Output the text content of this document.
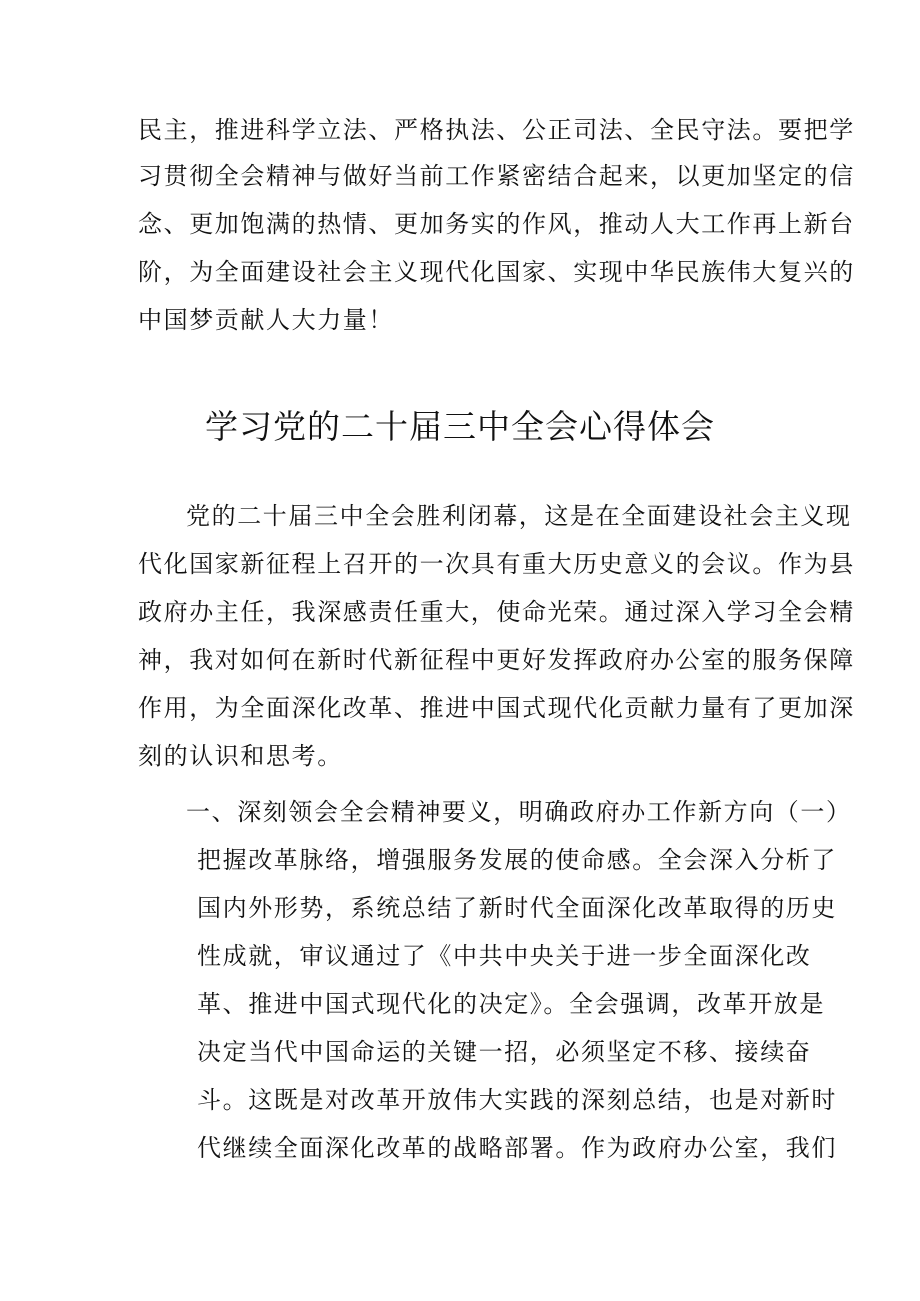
民主，推进科学立法、严格执法、公正司法、全民守法。要把学

习贯彻全会精神与做好当前工作紧密结合起来，以更加坚定的信

念、更加饱满的热情、更加务实的作风，推动人大工作再上新台

阶，为全面建设社会主义现代化国家、实现中华民族伟大复兴的

中国梦贡献人大力量！

学习党的二十届三中全会心得体会

党的二十届三中全会胜利闭幕，这是在全面建设社会主义现

代化国家新征程上召开的一次具有重大历史意义的会议。作为县

政府办主任，我深感责任重大，使命光荣。通过深入学习全会精

神，我对如何在新时代新征程中更好发挥政府办公室的服务保障

作用，为全面深化改革、推进中国式现代化贡献力量有了更加深

刻的认识和思考。

一、深刻领会全会精神要义，明确政府办工作新方向（一）

把握改革脉络，增强服务发展的使命感。全会深入分析了

国内外形势，系统总结了新时代全面深化改革取得的历史

性成就，审议通过了《中共中央关于进一步全面深化改

革、推进中国式现代化的决定》。全会强调，改革开放是

决定当代中国命运的关键一招，必须坚定不移、接续奋

斗。这既是对改革开放伟大实践的深刻总结，也是对新时

代继续全面深化改革的战略部署。作为政府办公室，我们
